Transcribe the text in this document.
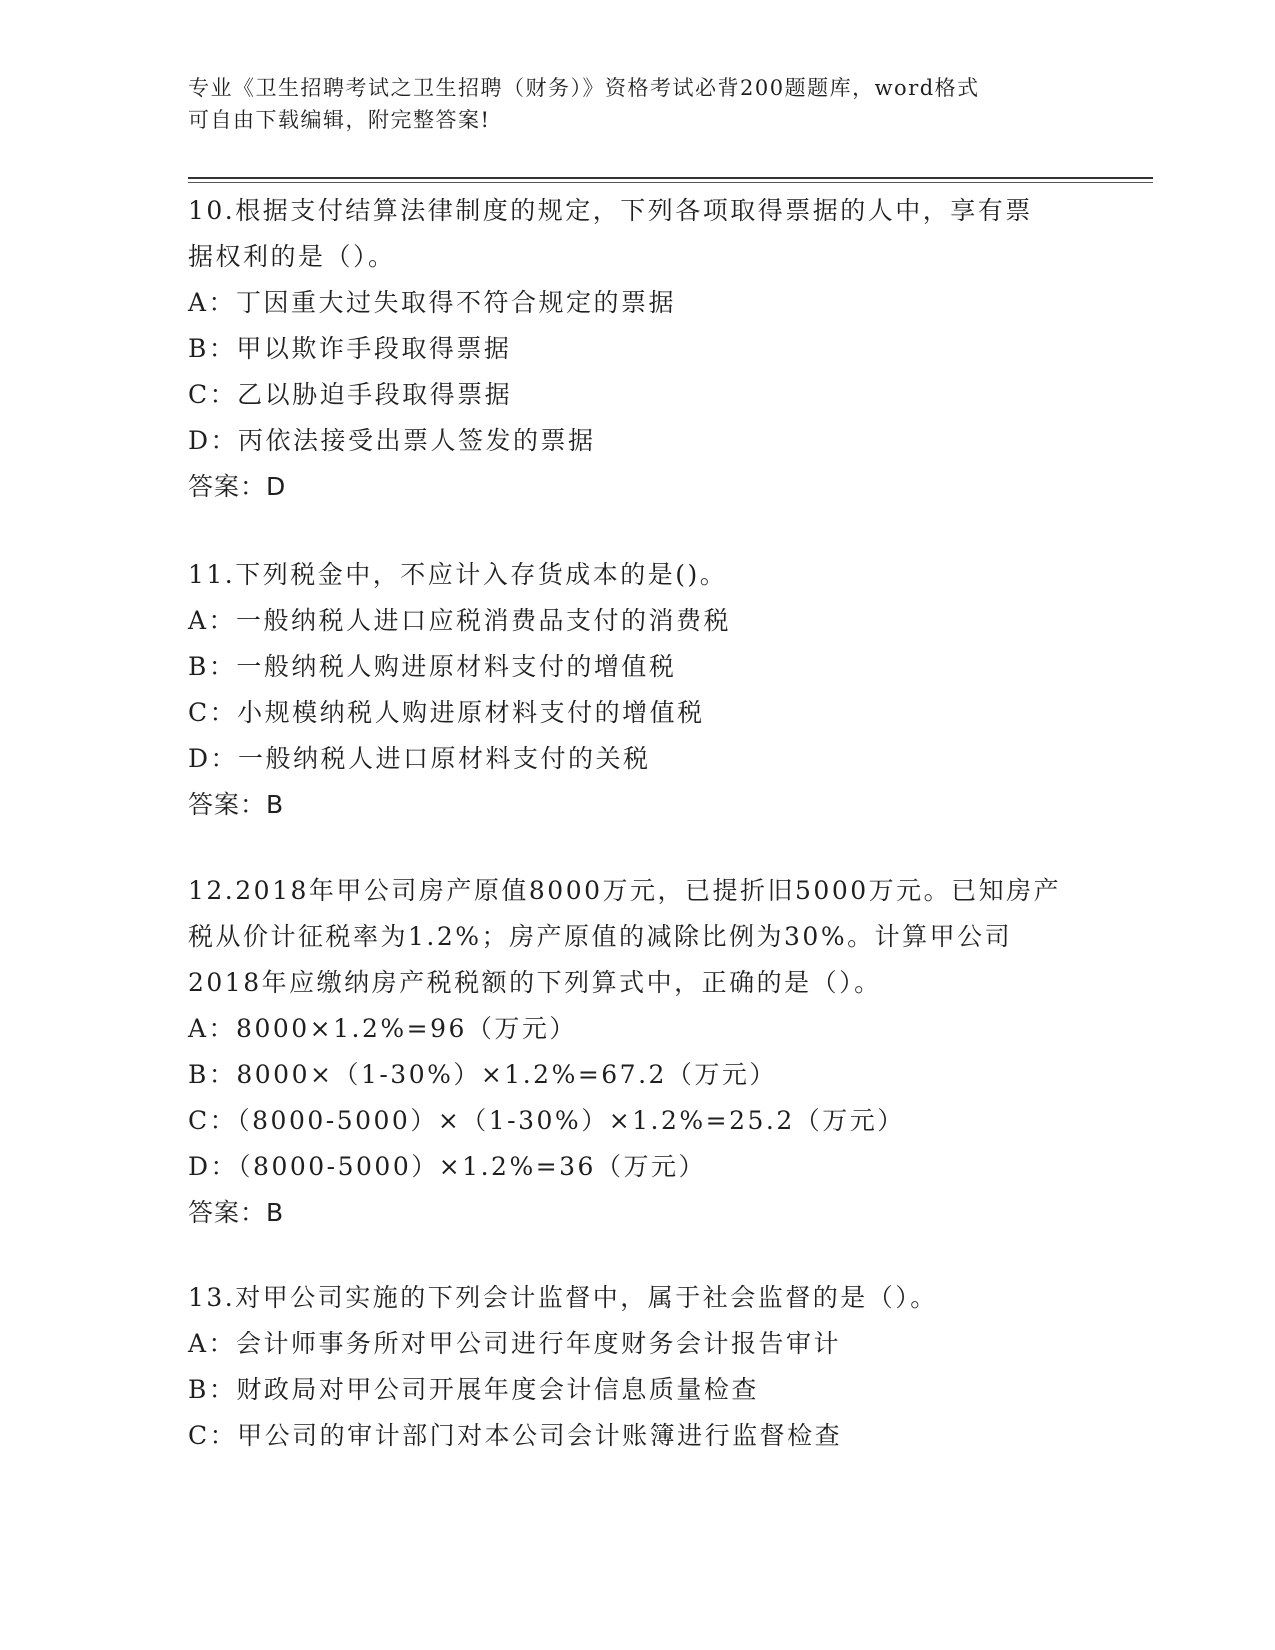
专业《卫生招聘考试之卫生招聘（财务）》资格考试必背200题题库，word格式

可自由下载编辑，附完整答案!

10.根据支付结算法律制度的规定，下列各项取得票据的人中，享有票

据权利的是（）。

A：丁因重大过失取得不符合规定的票据

B：甲以欺诈手段取得票据

C：乙以胁迫手段取得票据

D：丙依法接受出票人签发的票据

答案：D

11.下列税金中，不应计入存货成本的是()。

A：一般纳税人进口应税消费品支付的消费税

B：一般纳税人购进原材料支付的增值税

C：小规模纳税人购进原材料支付的增值税

D：一般纳税人进口原材料支付的关税

答案：B

12.2018年甲公司房产原值8000万元，已提折旧5000万元。已知房产

税从价计征税率为1.2%；房产原值的减除比例为30%。计算甲公司

2018年应缴纳房产税税额的下列算式中，正确的是（）。

A：8000×1.2%=96（万元）

B：8000×（1-30%）×1.2%=67.2（万元）

C：（8000-5000）×（1-30%）×1.2%=25.2（万元）

D：（8000-5000）×1.2%=36（万元）

答案：B

13.对甲公司实施的下列会计监督中，属于社会监督的是（）。

A：会计师事务所对甲公司进行年度财务会计报告审计

B：财政局对甲公司开展年度会计信息质量检查

C：甲公司的审计部门对本公司会计账簿进行监督检查
